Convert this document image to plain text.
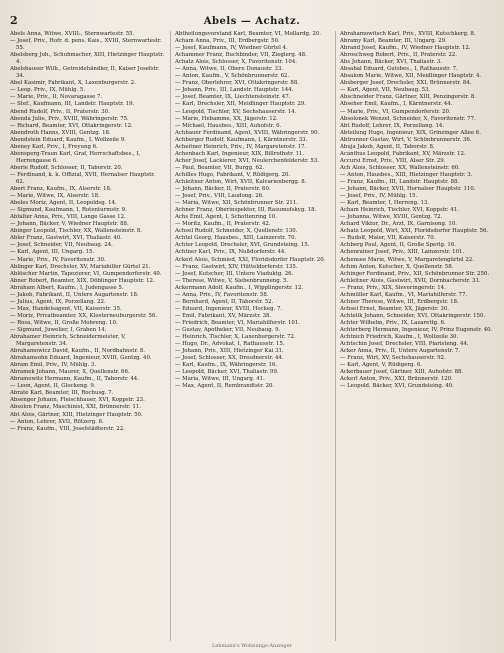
2	Abels — Achatz.

Abels Anna, Witwe, XVIII₁, Sternwartestr. 55.

— Josef, Priv., Hofr. d. pens. Kais., XVIII, Sternwartestr. 55.

Abelsberg Joh., Schuhmacher, XIII, Hietzinger Hauptstr. 4.

Abelshauser Wilh., Getreidehändler, II, Kaiser Josefstr. 34.

Abel Kasimir, Fabrikant, X, Laxenburgerstr. 2.

— Leop. Priv., IX, Mühlg. 5.

— Marie, Priv., II, Novaragasse 7.

— Stef., Kaufmann, III, Landstr. Hauptstr. 19.

Abend Rudolf, Priv., II, Praterstr. 30.

Abenda Julie, Priv., XVIII, Währingerstr. 75.

— Richard, Beamter, XVI, Ottakringerstr. 12.

Abendroth Hanns, XVIII, Gentzg. 18.

Abendstein Eduard, Kaufm., I, Wollzeile 9.

Abeney Karl, Priv., I, Freyung 6.

Abensperg-Traun Karl, Graf, Herrschaftsbes., I, Herrengasse 6.

Aberle Rudolf, Schlosser, II, Taborstr. 20.

— Ferdinand, k. k. Offizial, XVII, Hernalser Hauptstr. 62.

Abert Franz, Kaufm., IX, Alserstr. 18.

— Marie, Witwe, IX, Alserstr. 18.

Abeles Moriz, Agent, II, Leopoldsg. 14.

— Sigmund, Kaufmann, I, Rotenturmstr. 9.

Abfalter Anna, Priv., VIII, Lange Gasse 12.

— Johann, Bäcker, V, Wiedner Hauptstr. 88.

Abinger Leopold, Tischler, XX, Wallensteinstr. 8.

Abler Franz, Gastwirt, XVI, Thaliastr. 40.

— Josef, Schneider, VII, Neubaug. 24.

— Karl, Agent, III, Ungarg. 15.

— Marie, Priv., IV, Favoritenstr. 30.

Ablinger Karl, Drechsler, XV, Mariahilfer Gürtel 21.

Ablöscher Martin, Tapezierer, VI, Gumpendorferstr. 40.

Abner Robert, Beamter, XIX, Döblinger Hauptstr. 12.

Abraham Albert, Kaufm., I, Judengasse 5.

— Jakob, Fabrikant, II, Untere Augartenstr. 18.

— Julius, Agent, IX, Porzellang. 22.

— Max, Handelsagent, VII, Kaiserstr. 35.

— Moriz, Privatbeamter, XX, Klosterneuburgerstr. 56.

— Rosa, Witwe, II, Große Mohreng. 10.

— Sigmund, Juwelier, I, Graben 14.

Abrahamer Heinrich, Schneidermeister, V, Margaretenstr. 34.

Abrahamowicz David, Kaufm., II, Nordbahnstr. 8.

Abrahamsohn Eduard, Ingenieur, XVIII, Gentzg. 40.

Abram Emil, Priv., IV, Mühlg. 3.

Abramek Johann, Maurer, X, Quellenstr. 66.

Abramowitz Hermann, Kaufm., II, Taborstr. 44.

— Leon, Agent, II, Glockeng. 9.

Abrate Karl, Beamter, III, Rochusg. 7.

Absenger Johann, Fleischhauer, XVI, Koppstr. 23.

Absolon Franz, Maschinist, XXI, Brünnerstr. 11.

Abt Alois, Gärtner, XIII, Hietzinger Hauptstr. 50.

— Anton, Lehrer, XVII, Rötzerg. 6.

— Franz, Kaufm., VIII, Josefstädterstr. 22.

Abtheilungsvorstand Karl, Beamter, VI, Mollardg. 20.

Acham Anna, Priv., III, Erdbergstr. 50.

— Josef, Kaufmann, IV, Wiedner Gürtel 4.

Achammer Franz, Buchbinder, VII, Zieglerg. 48.

Achatz Alois, Schlosser, X, Favoritenstr. 104.

— Anna, Witwe, II, Obere Donaustr. 33.

— Anton, Kaufm., V, Schönbrunnerstr. 62.

— Franz, Oberlehrer, XVI, Ottakringerstr. 88.

— Johann, Priv., III, Landstr. Hauptstr. 144.

— Josef, Beamter, IX, Liechtensteinstr. 47.

— Karl, Drechsler, XII, Meidlinger Hauptstr. 29.

— Leopold, Tischler, XV, Sechshauserstr. 14.

— Marie, Hebamme, XX, Jägerstr. 12.

— Michael, Hausbes., XIII, Auhofstr. 6.

Achbauer Ferdinand, Agent, XVIII, Währingerstr. 90.

Achberger Rudolf, Kaufmann, I, Kärntnerstr. 33.

Acheitner Heinrich, Priv., IV, Margaretenstr. 17.

Achenbach Karl, Ingenieur, XIX, Billrothstr. 11.

Acher Josef, Lackierer, XVI, Neulerchenfelderstr. 53.

— Paul, Beamter, VII, Burgg. 62.

Achilles Hugo, Fabrikant, V, Rüdigerg. 20.

Achleitner Anton, Wirt, XVII, Kalvarienbergg. 8.

— Johann, Bäcker, II, Praterstr. 60.

— Josef, Priv., VIII, Laudong. 26.

— Maria, Witwe, XII, Schönbrunner Str. 211.

Achner Franz, Oberinspektor, III, Rasumofskyg. 18.

Achs Emil, Agent, I, Schottenring 10.

— Moritz, Kaufm., II, Praterstr. 42.

Achsel Rudolf, Schneider, X, Quellenstr. 130.

Achtel Georg, Hausbes., XIII, Lainzerstr. 70.

Achter Leopold, Drechsler, XVI, Grundsteing. 15.

Achtner Karl, Priv., IX, Nußdorferstr. 44.

Ackerl Alois, Schmied, XXI, Floridsdorfer Hauptstr. 20.

— Franz, Gastwirt, XIV, Hütteldorferstr. 135.

— Josef, Kutscher, III, Untere Viaduktg. 26.

— Therese, Witwe, V, Siebenbrunneng. 5.

Ackermann Adolf, Kaufm., I, Wipplingerstr. 12.

— Anna, Priv., IV, Favoritenstr. 58.

— Bernhard, Agent, II, Taborstr. 52.

— Eduard, Ingenieur, XVIII, Hockeg. 7.

— Emil, Fabrikant, XV, Märzstr. 38.

— Friedrich, Beamter, VI, Mariahilferstr. 101.

— Gustav, Apotheker, VII, Neubaug. 9.

— Heinrich, Tischler, X, Laxenburgerstr. 72.

— Hugo, Dr., Advokat, I, Rathausstr. 15.

— Johann, Priv., XIII, Hietzinger Kai 31.

— Josef, Schlosser, XX, Dresdnerstr. 44.

— Karl, Kaufm., IX, Währingerstr. 16.

— Leopold, Bäcker, XVI, Thaliastr. 99.

— Maria, Witwe, III, Ungarg. 41.

— Max, Agent, II, Rembrandtstr. 20.

Abrahamowitsch Karl, Priv., XVIII, Kutschkerg. 8.

Abramy Karl, Beamter, III, Ungarg. 29.

Abrand Josef, Kaufm., IV, Wiedner Hauptstr. 12.

Abroschweg Robert, Priv., II, Praterstr. 22.

Abs Johann, Bäcker, XVI, Thaliastr. 3.

Absabal Eduard, Gutsbes., I, Rathausstr. 7.

Absalom Marie, Witwe, XII, Meidlinger Hauptstr. 4.

Absberger Josef, Drechsler, XXI, Brünnerstr. 84.

— Karl, Agent, VII, Neubaug. 53.

Abschneider Franz, Gärtner, XIII, Penzingerstr. 8.

Abseher Emil, Kaufm., I, Kärntnerstr. 44.

— Marie, Priv., VI, Gumpendorferstr. 20.

Absolonek Wenzel, Schneider, X, Favoritenstr. 77.

Abt Rudolf, Lehrer, IX, Porzellang. 14.

Abteilung Hugo, Ingenieur, XIX, Grinzinger Allee 6.

Abtrunner Gustav, Wirt, V, Schönbrunnerstr. 36.

Abuja Jakob, Agent, II, Taborstr. 8.

Acanthus Leopold, Fabrikant, XV, Märzstr. 12.

Accursi Ernst, Priv., VIII, Alser Str. 29.

Ach Alois, Schlosser, XX, Wallensteinstr. 60.

— Anton, Hausbes., XIII, Hietzinger Hauptstr. 3.

— Franz, Kaufm., III, Landstr. Hauptstr. 88.

— Johann, Bäcker, XVII, Hernalser Hauptstr. 110.

— Josef, Priv., IV, Mühlg. 15.

— Karl, Beamter, I, Herreng. 13.

Acham Heinrich, Tischler, XVI, Koppstr. 41.

— Johanna, Witwe, XVIII, Gentzg. 72.

Achard Viktor, Dr., Arzt, IX, Garnisong. 10.

Achatz Leopold, Wirt, XXI, Floridsdorfer Hauptstr. 56.

— Rudolf, Maler, VII, Kaiserstr. 70.

Achberg Paul, Agent, II, Große Sperlg. 16.

Achenrainer Josef, Priv., XIII, Lainzerstr. 101.

Achensee Marie, Witwe, V, Margaretengürtel 22.

Achim Anton, Kutscher, X, Quellenstr. 58.

Achinger Ferdinand, Priv., XII, Schönbrunner Str. 250.

Achleitner Alois, Gastwirt, XVII, Dornbacherstr. 31.

— Franz, Priv., XIX, Sieveringerstr. 14.

Achmüller Karl, Kaufm., VI, Mariahilferstr. 77.

Achner Therese, Witwe, III, Erdbergstr. 18.

Achsel Ernst, Beamter, XX, Jägerstr. 30.

Achtelik Johann, Schneider, XVI, Ottakringerstr. 150.

Achter Wilhelm, Priv., IX, Lazarettg. 6.

Achterberg Hermann, Ingenieur, IV, Prinz Eugenstr. 40.

Achtnich Friedrich, Kaufm., I, Wollzeile 30.

Achtschin Josef, Drechsler, VIII, Piaristeng. 44.

Acker Anna, Priv., II, Untere Augartenstr. 7.

— Franz, Wirt, XV, Sechshauserstr. 92.

— Karl, Agent, V, Rüdigerg. 6.

Ackerbauer Josef, Gärtner, XIII, Auhofstr. 88.

Ackerl Anton, Priv., XXI, Brünnerstr. 120.

— Leopold, Bäcker, XVI, Grundsteing. 40.

Lehmann's Wohnungs-Anzeiger
